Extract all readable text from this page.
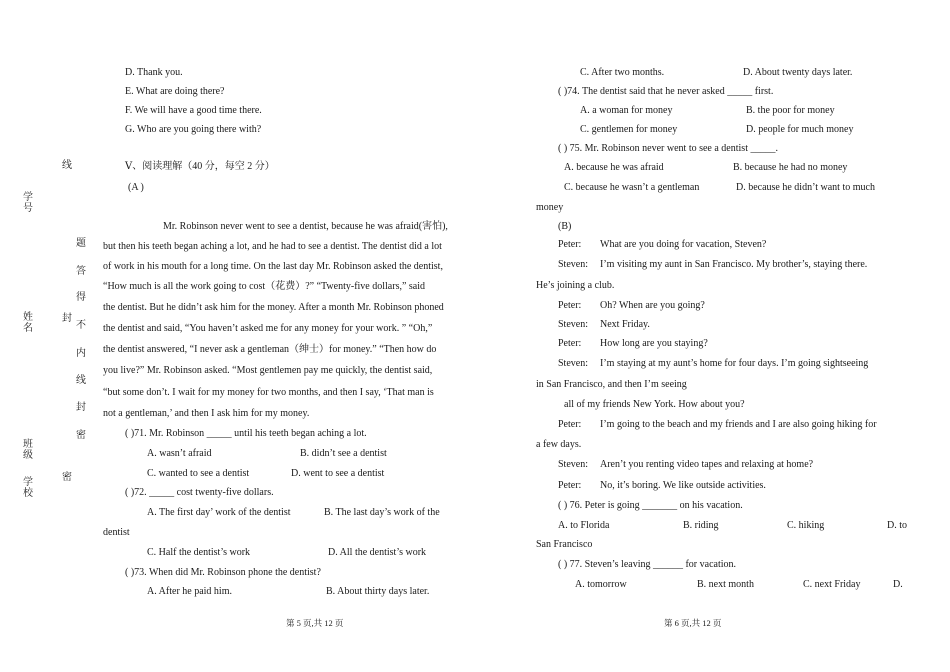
学
号
姓
名
班
级
学
校
线
封
密
题
答
得
不
内
线
封
密
D. Thank you.
E. What are doing there?
F. We will have a good time there.
G. Who are you going there with?
Ⅴ、阅读理解（40 分，每空 2 分）
(A )
Mr. Robinson never went to see a dentist, because he was afraid(害怕),
but then his teeth began aching a lot, and he had to see a dentist. The dentist did a lot
of work in his mouth for a long time. On the last day Mr. Robinson asked the dentist,
“How much is all the work going to cost（花费）?” “Twenty-five dollars,” said
the dentist. But he didn’t ask him for the money. After a month Mr. Robinson phoned
the dentist and said, “You haven’t asked me for any money for your work. ” “Oh,”
the dentist answered, “I never ask a gentleman（绅士）for money.” “Then how do
you live?” Mr. Robinson asked. “Most gentlemen pay me quickly, the dentist said,
“but some don’t. I wait for my money for two months, and then I say, ‘That man is
not a gentleman,’ and then I ask him for my money.
( )71. Mr. Robinson _____ until his teeth began aching a lot.
A. wasn’t afraid	B. didn’t see a dentist
C. wanted to see a dentist	D. went to see a dentist
( )72. _____ cost twenty-five dollars.
A. The first day’ work of the dentist	B. The last day’s work of the
dentist
C. Half the dentist’s work	D. All the dentist’s work
( )73. When did Mr. Robinson phone the dentist?
A. After he paid him.	B. About thirty days later.
第 5 页,共 12 页
C. After two months.	D. About twenty days later.
( )74. The dentist said that he never asked _____ first.
A. a woman for money	B. the poor for money
C. gentlemen for money	D. people for much money
( ) 75. Mr. Robinson never went to see a dentist _____.
A. because he was afraid	B. because he had no money
C. because he wasn’t a gentleman	D. because he didn’t want to much
money
(B)
Peter: What are you doing for vacation, Steven?
Steven: I’m visiting my aunt in San Francisco. My brother’s, staying there.
He’s joining a club.
Peter: Oh? When are you going?
Steven: Next Friday.
Peter: How long are you staying?
Steven: I’m staying at my aunt’s home for four days. I’m going sightseeing
in San Francisco, and then I’m seeing
all of my friends New York. How about you?
Peter: I’m going to the beach and my friends and I are also going hiking for
a few days.
Steven: Aren’t you renting video tapes and relaxing at home?
Peter: No, it’s boring. We like outside activities.
( ) 76. Peter is going _______ on his vacation.
A. to Florida	B. riding	C. hiking	D. to
San Francisco
( ) 77. Steven’s leaving ______ for vacation.
A. tomorrow	B. next month	C. next Friday	D.
第 6 页,共 12 页
